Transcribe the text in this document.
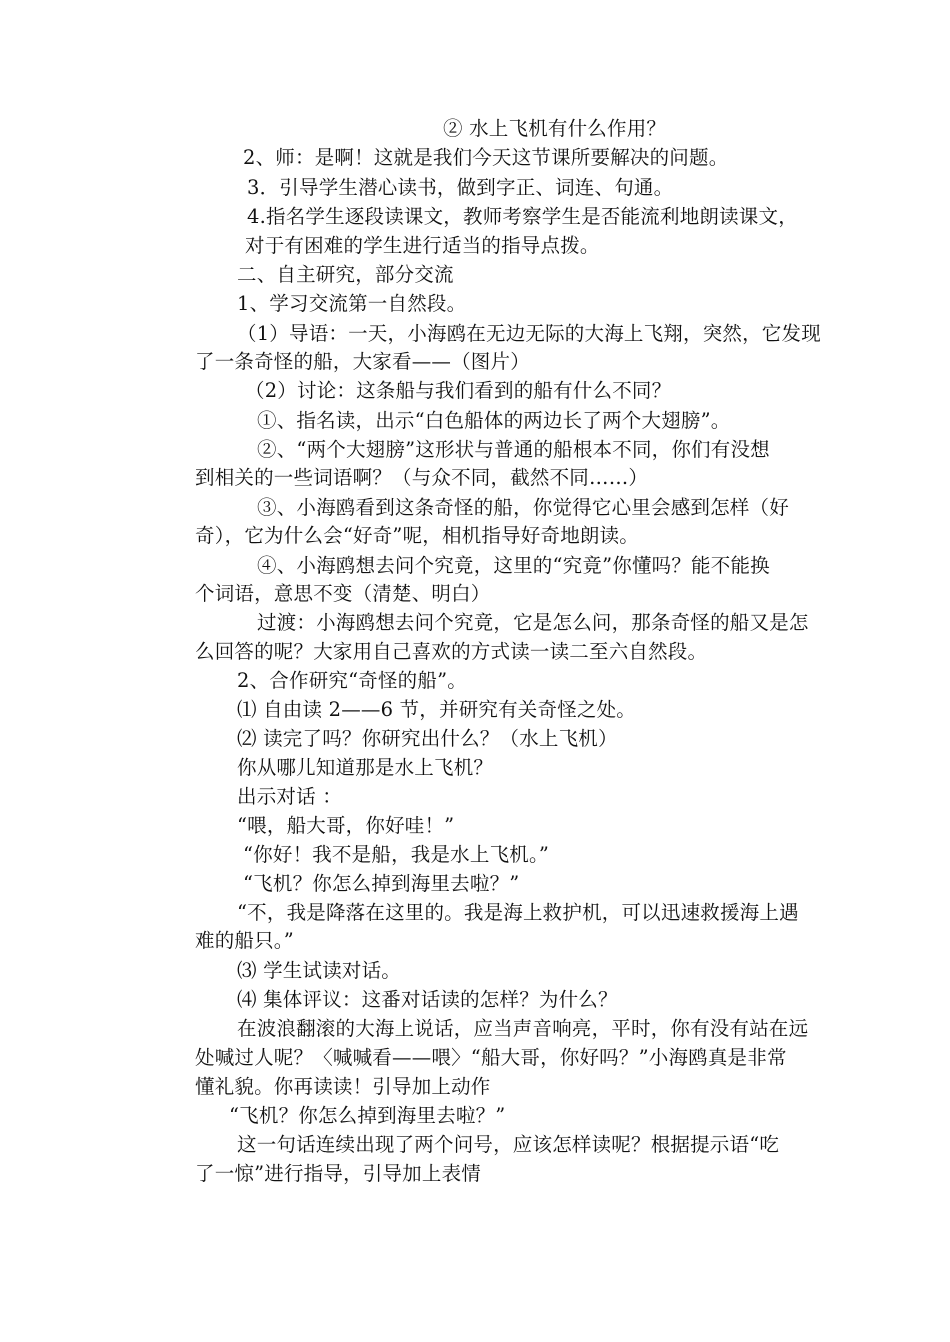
② 水上飞机有什么作用？
2、师：是啊！这就是我们今天这节课所要解决的问题。
3．引导学生潜心读书，做到字正、词连、句通。
4.指名学生逐段读课文，教师考察学生是否能流利地朗读课文，
对于有困难的学生进行适当的指导点拨。
二、自主研究，部分交流
1、学习交流第一自然段。
（1）导语：一天，小海鸥在无边无际的大海上飞翔，突然，它发现
了一条奇怪的船，大家看——（图片）
（2）讨论：这条船与我们看到的船有什么不同？
①、指名读，出示“白色船体的两边长了两个大翅膀”。
②、“两个大翅膀”这形状与普通的船根本不同，你们有没想
到相关的一些词语啊？（与众不同，截然不同……）
③、小海鸥看到这条奇怪的船，你觉得它心里会感到怎样（好
奇），它为什么会“好奇”呢，相机指导好奇地朗读。
④、小海鸥想去问个究竟，这里的“究竟”你懂吗？能不能换
个词语，意思不变（清楚、明白）
过渡：小海鸥想去问个究竟，它是怎么问，那条奇怪的船又是怎
么回答的呢？大家用自己喜欢的方式读一读二至六自然段。
2、合作研究“奇怪的船”。
⑴ 自由读 2——6 节，并研究有关奇怪之处。
⑵ 读完了吗？你研究出什么？（水上飞机）
你从哪儿知道那是水上飞机？
出示对话 ：
“喂，船大哥，你好哇！”
“你好！我不是船，我是水上飞机。”
“飞机？你怎么掉到海里去啦？”
“不，我是降落在这里的。我是海上救护机，可以迅速救援海上遇
难的船只。”
⑶ 学生试读对话。
⑷ 集体评议：这番对话读的怎样？为什么？
在波浪翻滚的大海上说话，应当声音响亮，平时，你有没有站在远
处喊过人呢？〈喊喊看——喂〉“船大哥，你好吗？”小海鸥真是非常
懂礼貌。你再读读！引导加上动作
“飞机？你怎么掉到海里去啦？”
这一句话连续出现了两个问号，应该怎样读呢？根据提示语“吃
了一惊”进行指导，引导加上表情
